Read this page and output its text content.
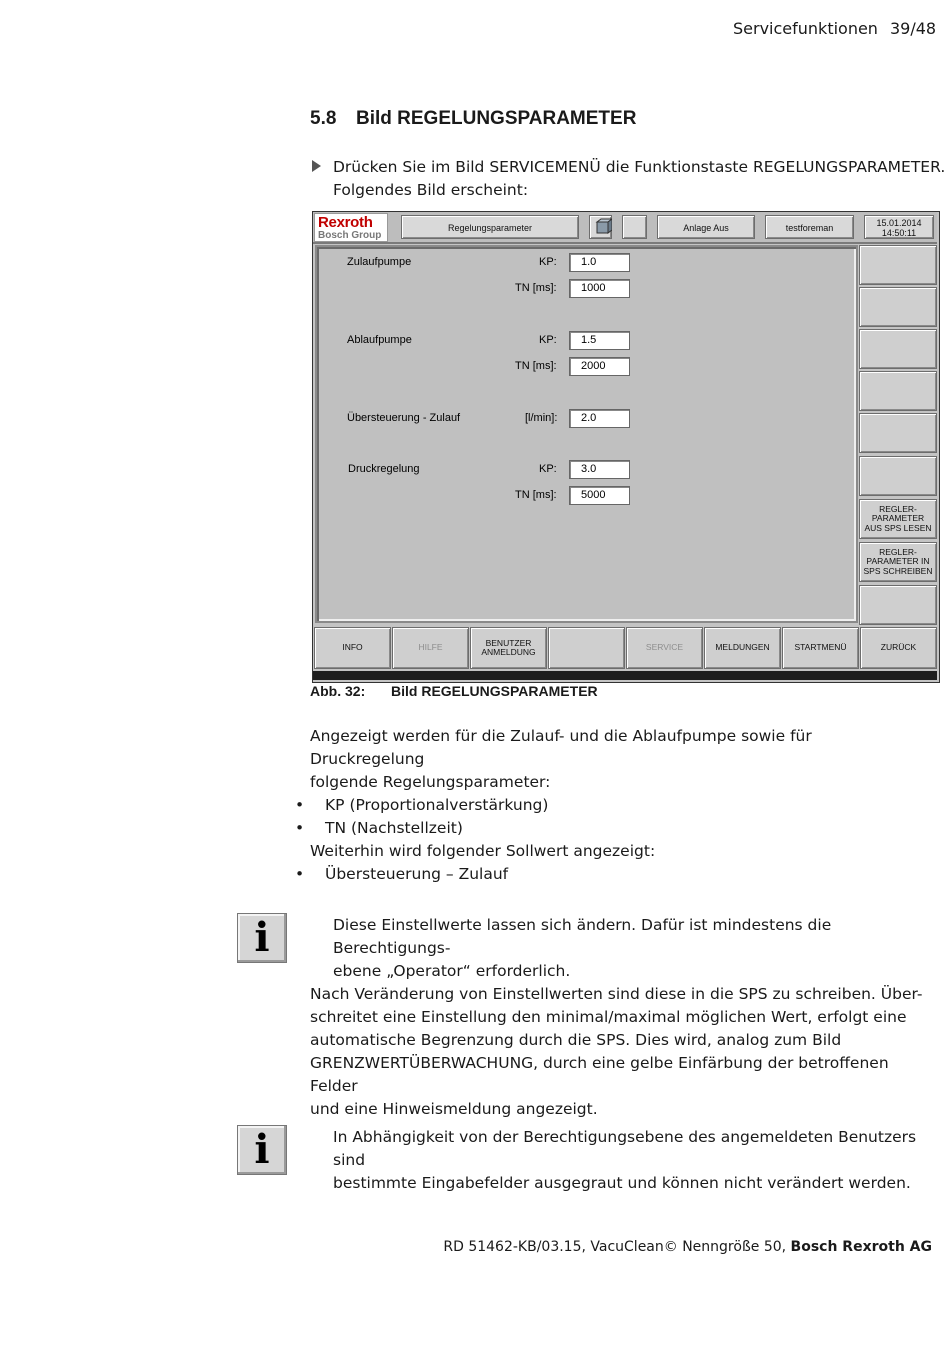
Servicefunktionen 39/48
5.8 Bild REGELUNGSPARAMETER
Drücken Sie im Bild SERVICEMENÜ die Funktionstaste REGELUNGSPARAMETER.
Folgendes Bild erscheint:
Rexroth
Bosch Group
Regelungsparameter	Anlage Aus	testforeman	15.01.2014
14:50:11
Zulaufpumpe	KP:	1.0
TN [ms]:	1000
Ablaufpumpe	KP:	1.5
TN [ms]:	2000
Übersteuerung - Zulauf	[l/min]:	2.0
Druckregelung	KP:	3.0
TN [ms]:	5000
REGLER-
PARAMETER
AUS SPS LESEN
REGLER-
PARAMETER IN
SPS SCHREIBEN
INFO	HILFE	BENUTZER
ANMELDUNG	SERVICE	MELDUNGEN	STARTMENÜ	ZURÜCK
Abb. 32: Bild REGELUNGSPARAMETER
Angezeigt werden für die Zulauf- und die Ablaufpumpe sowie für Druckregelung
folgende Regelungsparameter:
• KP (Proportionalverstärkung)
• TN (Nachstellzeit)
Weiterhin wird folgender Sollwert angezeigt:
• Übersteuerung – Zulauf
i	Diese Einstellwerte lassen sich ändern. Dafür ist mindestens die Berechtigungs-
ebene „Operator“ erforderlich.
Nach Veränderung von Einstellwerten sind diese in die SPS zu schreiben. Über-
schreitet eine Einstellung den minimal/maximal möglichen Wert, erfolgt eine
automatische Begrenzung durch die SPS. Dies wird, analog zum Bild
GRENZWERTÜBERWACHUNG, durch eine gelbe Einfärbung der betroffenen Felder
und eine Hinweismeldung angezeigt.
i	In Abhängigkeit von der Berechtigungsebene des angemeldeten Benutzers sind
bestimmte Eingabefelder ausgegraut und können nicht verändert werden.
RD 51462-KB/03.15, VacuClean© Nenngröße 50, Bosch Rexroth AG
